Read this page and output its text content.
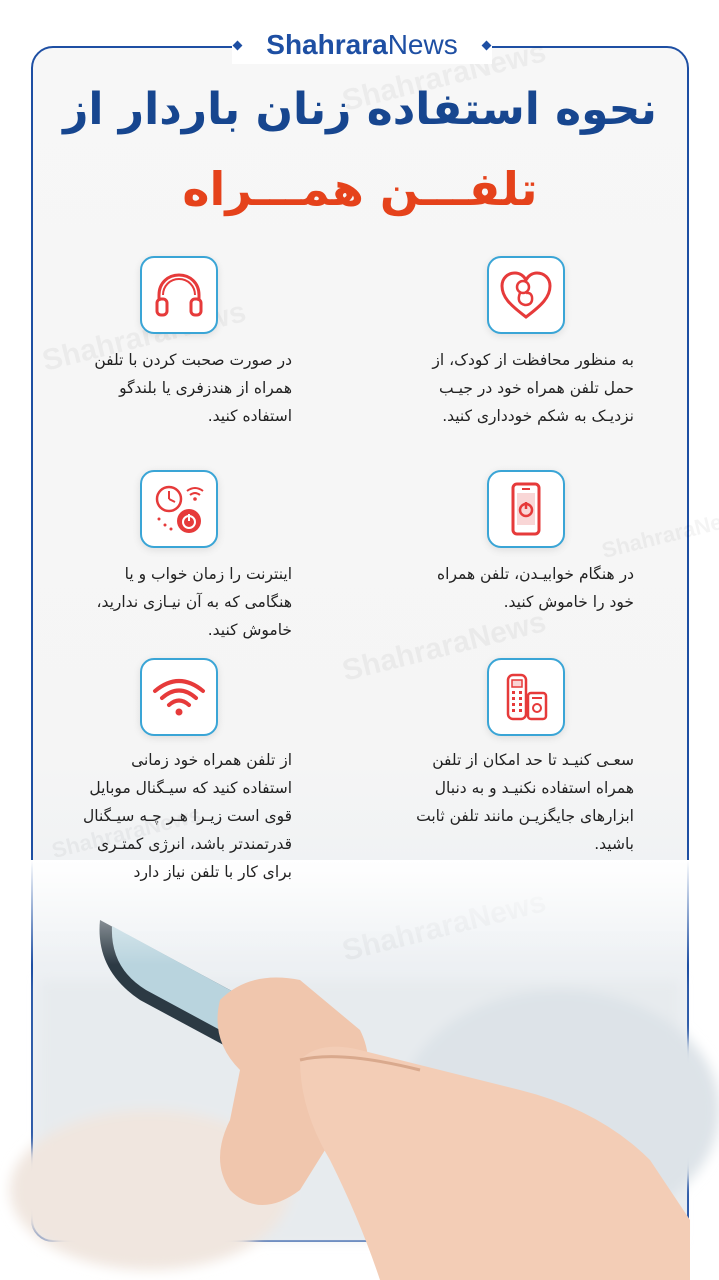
ShahraraNews
نحوه استفاده زنان باردار از
تلفـــن همـــراه
به منظور محافظت از کودک، از حمل تلفن همراه خود در جیـب نزدیـک به شکم خودداری کنید.
در صورت صحبت کردن با تلفن همراه از هندزفری یا بلندگو استفاده کنید.
در هنگام خوابیـدن، تلفن همراه خود را خاموش کنید.
اینترنت را زمان خواب و یا هنگامی که به آن نیـازی ندارید، خاموش کنید.
سعـی کنیـد تا حد امکان از تلفن همراه استفاده نکنیـد و به دنبال ابزارهای جایگزیـن مانند تلفن ثابت باشید.
از تلفن همراه خود زمانی استفاده کنید که سیـگنال موبایل قوی است زیـرا هـر چـه سیـگنال قدرتمندتر باشد، انرژی کمتـری برای کار با تلفن نیاز دارد
